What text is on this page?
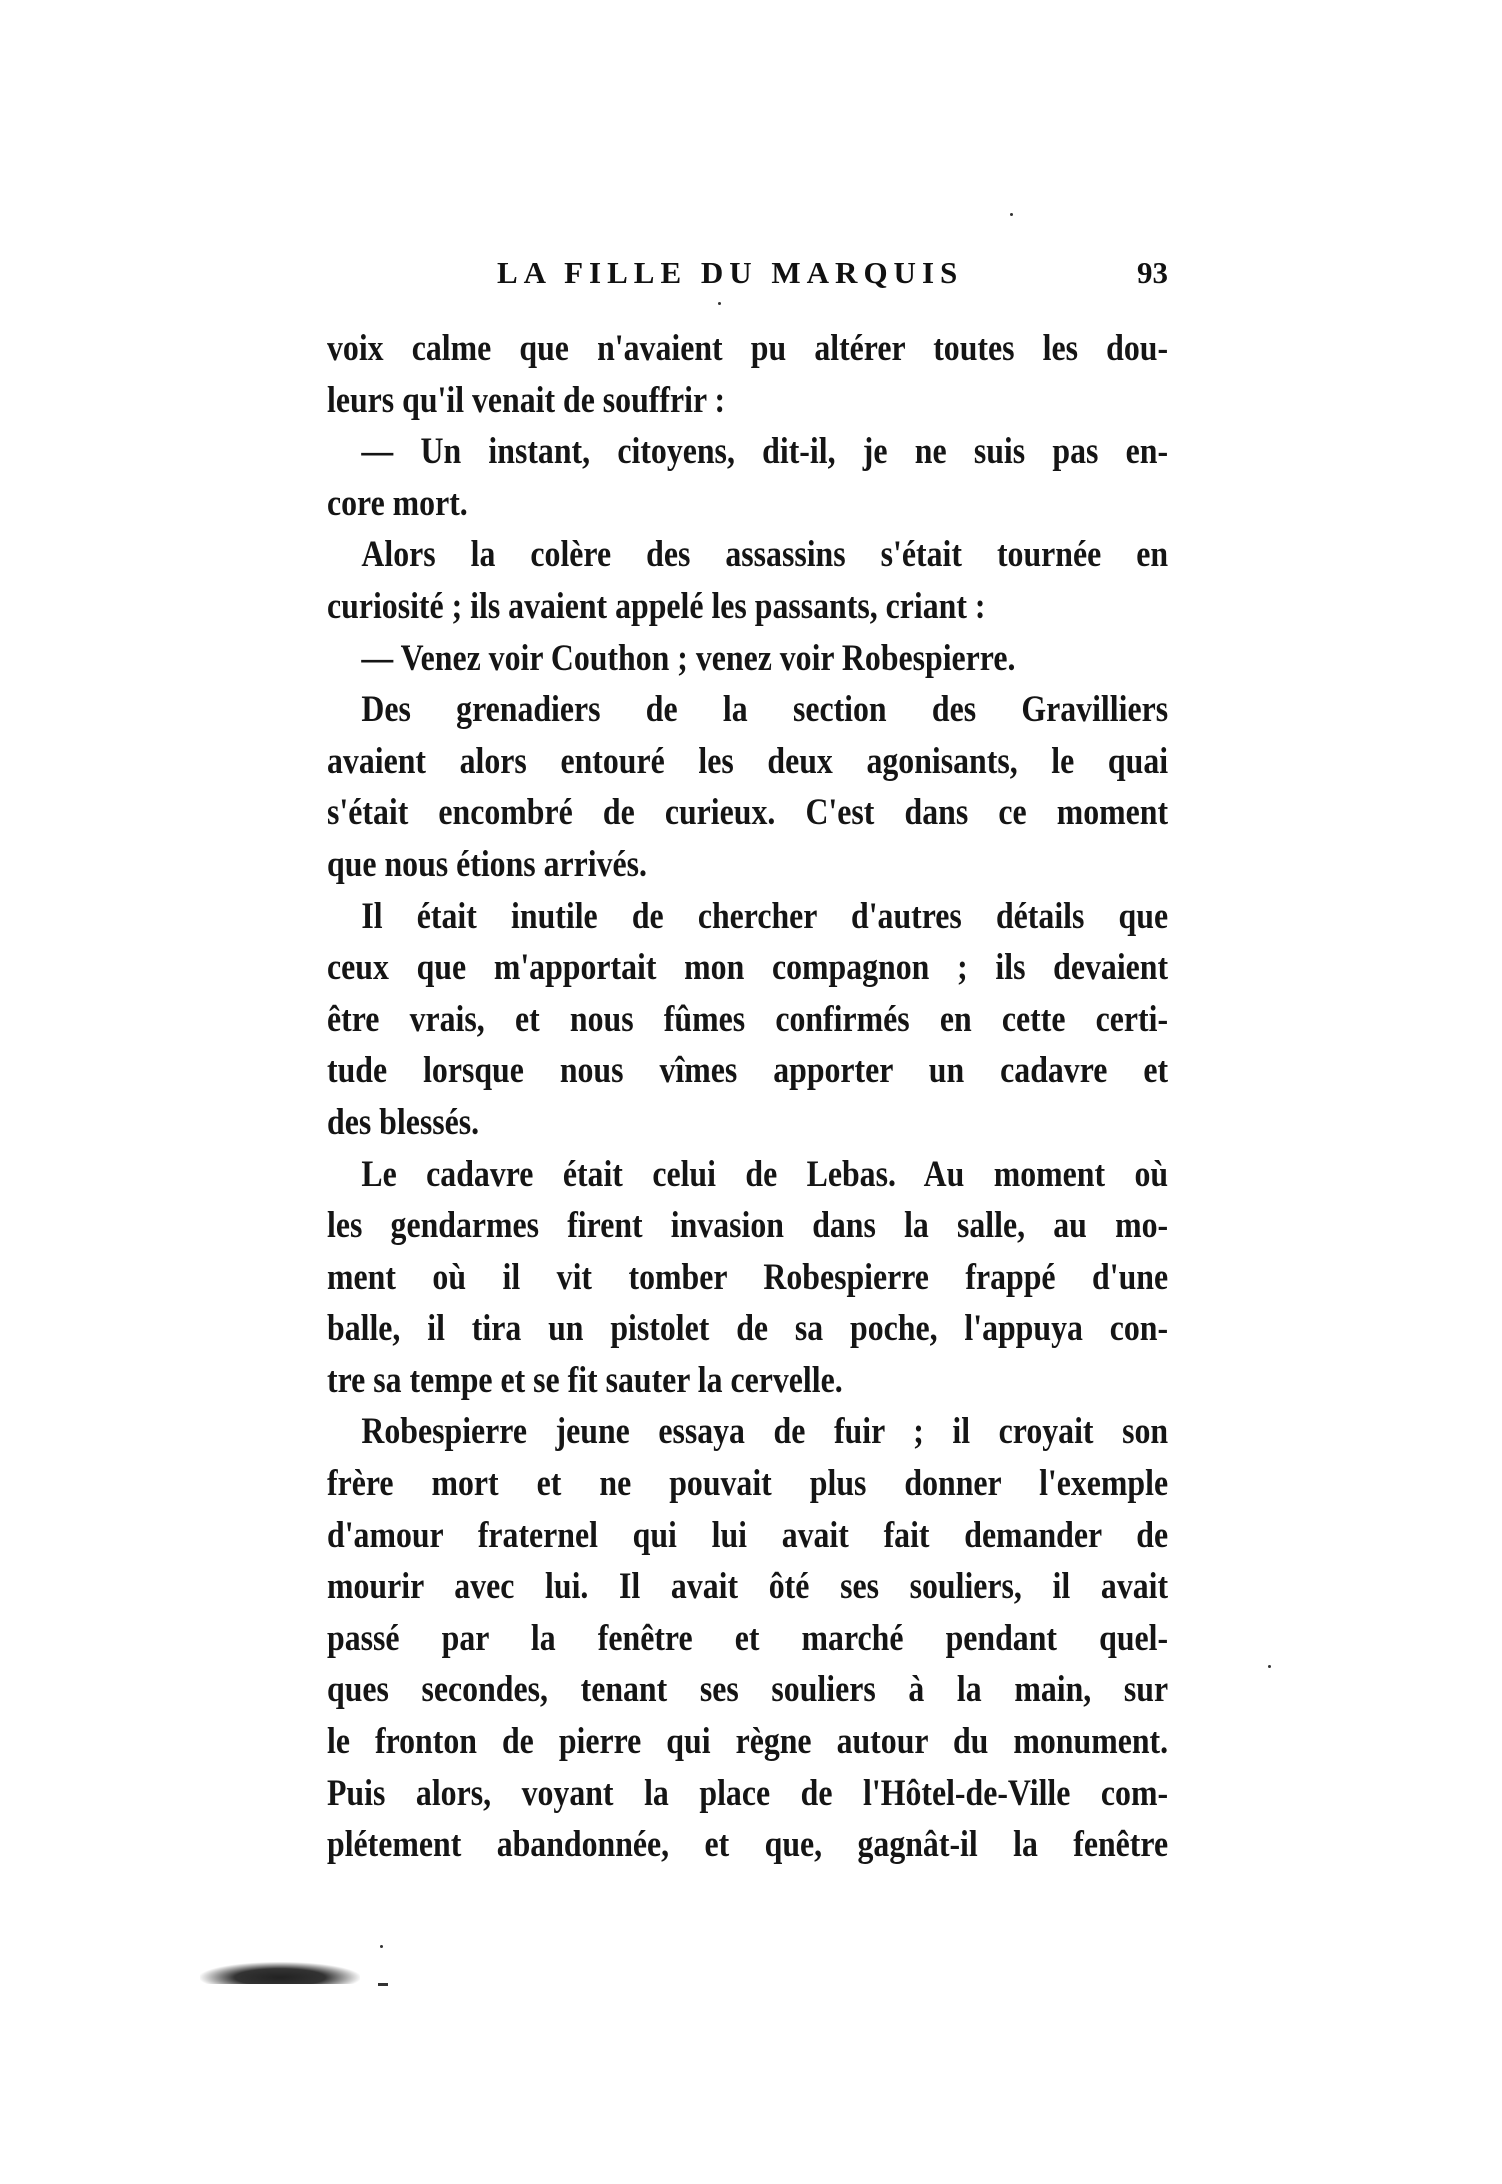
LA FILLE DU MARQUIS	93
voix calme que n'avaient pu altérer toutes les dou-
leurs qu'il venait de souffrir :
— Un instant, citoyens, dit-il, je ne suis pas en-
core mort.
Alors la colère des assassins s'était tournée en
curiosité ; ils avaient appelé les passants, criant :
— Venez voir Couthon ; venez voir Robespierre.
Des grenadiers de la section des Gravilliers
avaient alors entouré les deux agonisants, le quai
s'était encombré de curieux. C'est dans ce moment
que nous étions arrivés.
Il était inutile de chercher d'autres détails que
ceux que m'apportait mon compagnon ; ils devaient
être vrais, et nous fûmes confirmés en cette certi-
tude lorsque nous vîmes apporter un cadavre et
des blessés.
Le cadavre était celui de Lebas. Au moment où
les gendarmes firent invasion dans la salle, au mo-
ment où il vit tomber Robespierre frappé d'une
balle, il tira un pistolet de sa poche, l'appuya con-
tre sa tempe et se fit sauter la cervelle.
Robespierre jeune essaya de fuir ; il croyait son
frère mort et ne pouvait plus donner l'exemple
d'amour fraternel qui lui avait fait demander de
mourir avec lui. Il avait ôté ses souliers, il avait
passé par la fenêtre et marché pendant quel-
ques secondes, tenant ses souliers à la main, sur
le fronton de pierre qui règne autour du monument.
Puis alors, voyant la place de l'Hôtel-de-Ville com-
plétement abandonnée, et que, gagnât-il la fenêtre
